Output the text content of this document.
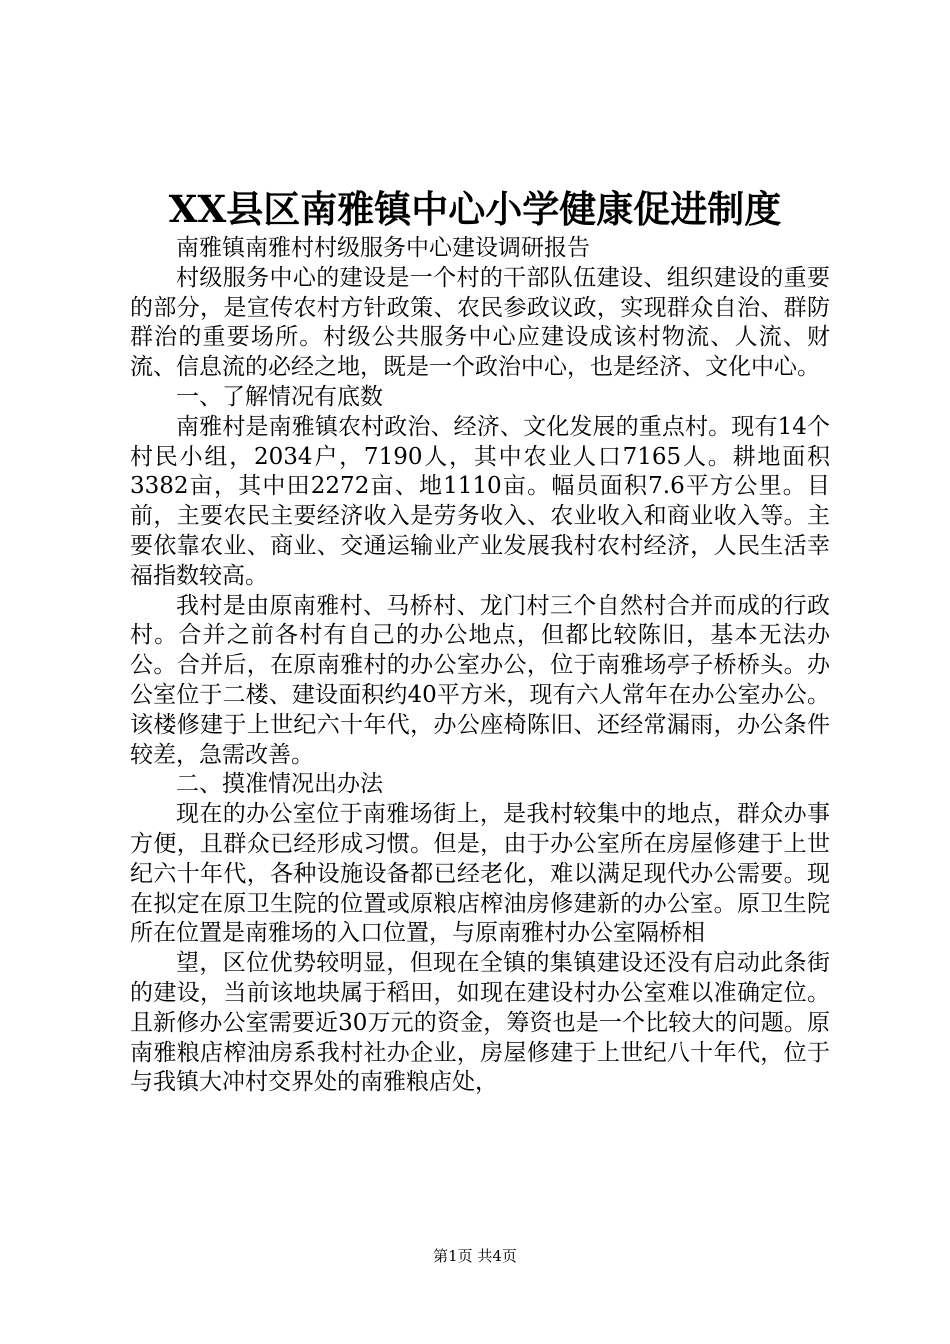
XX县区南雅镇中心小学健康促进制度

南雅镇南雅村村级服务中心建设调研报告

村级服务中心的建设是一个村的干部队伍建设、组织建设的重要的部分，是宣传农村方针政策、农民参政议政，实现群众自治、群防群治的重要场所。村级公共服务中心应建设成该村物流、人流、财流、信息流的必经之地，既是一个政治中心，也是经济、文化中心。

一、了解情况有底数

南雅村是南雅镇农村政治、经济、文化发展的重点村。现有14个村民小组，2034户，7190人，其中农业人口7165人。耕地面积3382亩，其中田2272亩、地1110亩。幅员面积7.6平方公里。目前，主要农民主要经济收入是劳务收入、农业收入和商业收入等。主要依靠农业、商业、交通运输业产业发展我村农村经济，人民生活幸福指数较高。

我村是由原南雅村、马桥村、龙门村三个自然村合并而成的行政村。合并之前各村有自己的办公地点，但都比较陈旧，基本无法办公。合并后，在原南雅村的办公室办公，位于南雅场亭子桥桥头。办公室位于二楼、建设面积约40平方米，现有六人常年在办公室办公。该楼修建于上世纪六十年代，办公座椅陈旧、还经常漏雨，办公条件较差，急需改善。

二、摸准情况出办法

现在的办公室位于南雅场街上，是我村较集中的地点，群众办事方便，且群众已经形成习惯。但是，由于办公室所在房屋修建于上世纪六十年代，各种设施设备都已经老化，难以满足现代办公需要。现在拟定在原卫生院的位置或原粮店榨油房修建新的办公室。原卫生院所在位置是南雅场的入口位置，与原南雅村办公室隔桥相

望，区位优势较明显，但现在全镇的集镇建设还没有启动此条街的建设，当前该地块属于稻田，如现在建设村办公室难以准确定位。且新修办公室需要近30万元的资金，筹资也是一个比较大的问题。原南雅粮店榨油房系我村社办企业，房屋修建于上世纪八十年代，位于与我镇大冲村交界处的南雅粮店处，

第1页 共4页
